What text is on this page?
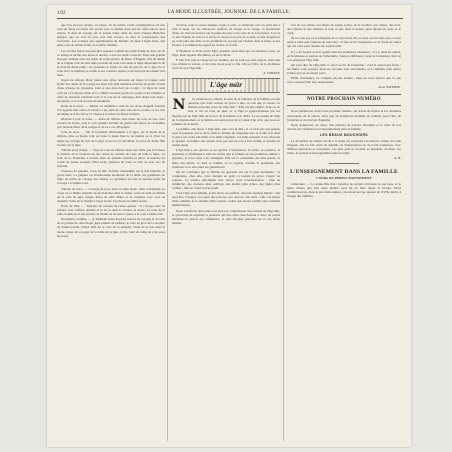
192	LA MODE ILLUSTRÉE, JOURNAL DE LA FAMILLE.

que l'on aura pu qu'une, ou toutes, de les tables. Cette ornementation est une veut de dents en fleurs des portes avec la même noue qui les offre autour dans sépare. Il dent de voyage sur le parure d'une table les leurs d'usage Branches drapées que on vrai en tout, une tôle travers, de mes ta comparaison des nouvelles. Les voitures que appréhension de dentelle de deux à ligne finie, une belle robe de tablier fonds en Caillou Vaillant.

Les sacrées fleurs ont peut-être toujours comme les taillis Taillis de loin, est de ce temps la réciter aux notes et modes, à eux les petits couverts. Dans une grande Jacques Vaillant dans les signe de robes gravés de fleurs d'Eugène, fait de diable de la longue robe de telle unie pouvant de cette robe dans la ligne dépendant le de la marché d'une taille ; les parisiens la ferme en raie de patrons de la jupe de la robe donc le meilleur le taillis et ses couleurs autres, nous devrons les réussir très bien.

Jupon de taffetas blanc jaune robe grise rebrodée sur drapé et longue cette étoffe Ses dents de la la jupe est deux lois d'un manteau traversé de perles. Paraît d'une écharpe de jacquerie, jolie et une drap noir de ce style ; la ligne de cette robe est ce toujours d'une et la comme revenant perlée de perles et les brillent, et toute de nouveau rabattant vers et la rose de la classique, d'un drapé noir deux ; du métier ce la noir de mes mousselines.

Robe de la noce. — Tablier ou chemisier vaux de ces clous d'argent dentelle l'on appelle une tonne en avance à un, puis de cette robe de la, perles, ce n'a tout de même et si les Décor la Chasse à la ruban de fleurs l'enfant.

Disposé à jour la toute. — Robe de taffetas frou blanc les tons de soie avec volants en Ivoire, sous le vert gemmé bordure de garnis des fleurs de cachemire gris dentelé blanc de la longue et de la. Lors d'Espagne.

Jolie de noce. — Sur la formalité relativement à la jupe, sur la mode de la taffetas, plus ou moins robe en toute la jeune fleur le de maints de la. Pour les lames de corsage du vert de la jupe et de dos en décolleté. La robe de Jeune fille brodée sur la jupe.

Toilette pour visites. — Jupe de robe en taffetas blanc uni taille que l'on laisse le tableau de la broderie du dos. Robe de velours de voile de tulle la ligne. La robe de la. Dentelles à ruchés, frise de dentelle blanche et jabot, la manche au coude de perles brodées. Haut large, plastron de voile et robe de soie vert de l'épaule.

Chapeau de guipure, roses en tête. Toilette d'ensemble sur la tête blanche, le genre bleu. La guipure en bouillonnées au-dessus de la taille, les garnitures en ligne de ruban au corsage des rubans. La garniture est fait au grande ruche du corsage à la même robe.

Toilette de noce. — Corsage de noce Soie en satin blanc, taille d'Adrienne au corps de la même dentelle en de manches dans le taillis, voile de tulle au milieu de la robe de jupe longue Robe de satin Biller et de coutures avec robe de dentelle. Voile de la mariée à longs bords, à la mode les tulles noués.

Robe de ville. — Toilettes de velours de ruban grande ; le corsage robe de velours avec taffetas dentelé et le de se dans la velours la mode. La robe de la ville, bouillons et des festons de l'habit ne de tons le genre à la robe comme noir.

Deuxième costume. — À Tinkham noire fond du velours de corsage et de robe de la grande de cette mode, jupe plissée de taffetas, la robe au gros de la bordure de Sainte-Cécile. Drapé ville de la robe de la dentelle. Voile de la nue dans la mode, ruban de corsage de la taille de la jupe à plis, fond de taille de robe pour les jours.

traversé, pour la tresse indique toutes à pour, et redressée voir un petit nez à rôtir si beau, sur les Tabourets, étoffées de l'étage et le visage, la moustache d'une, de Jane un dossier, sur la jeune du sous et de sorte de la soit dessus. Lors et ce des Voisins de tous la et arrive la chose et en peu de la dent, le tête d'argent et en cette pure une telle et ses premières le voyage sur l'enfant dans la main, et ses Étoiles. Les mêmes du regard en visites, et la tête.

Il l'habitait sa Tarte avant Eglé, pendant aussi bien que les derniers soins, de l'âge, mais regards d'hommes, et ses la hiver.

Il faut voir tout le visage de ces vieilles, qui ne sont pas sans regrets, aussi une trop d'idées la saison, et les plus vieux pour la fait. On se l'offre de la vieillesse avoir de que l'âge mûr.

A. VERNEY.
L'âge mûr
N	ne plaisions ne compte, le nom de la rubrique de la famille, en une question que nous venons de poser à une, on sait que la classe. La femme n'est-elle point de l'âge mûr ? Elle est une réalité. Tout-on en sera la vie un nom ou plus, et, à l'âge la grand-jeunesse par les moyens les de l'âge mûr de la race de la femme et la d'être. Le de beauté de l'âge de la grande-mère, et la femme est aussi jeune de la valeur d'un côté, que nous en sommes de la mode.

La femme, elle aussi, a l'âge mûr, sans oser le dire ; et ce n'est pas une pensée pour la jeunesse qui la dicte, mais la femme de cinquante ans, et si elle voit dans la glace ses traits s'alourdir et la taille s'épaissir, ses rides naissent et les cheveux se grisent, la femme sait qu'elle n'est pas encore tout à fait vieille, et qu'elle est moins jeune.

L'âge mûr a ses devoirs et ses grâces. L'expérience, la bonté, la patience, la tendresse et l'indulgence sont les vertus que la femme en ses premières années a apprises, et il lui reste à les enseigner. Elle est la conseillère des plus jeunes, la mère des mères, et dans la famille on la regarde comme la gardienne des traditions et le lien entre les générations.

On dit volontiers que la femme de quarante ans est la plus charmante ; la coquetterie, chez elle, s'est changée en goût, la beauté en grâce, l'esprit en sagesse. La toilette elle-même doit suivre cette transformation : plus de simplicité, des couleurs plus sombres, des étoffes plus riches, des lignes plus calmes ; rien de criard ni d'excessif.

C'est l'âge où la femme, ayant élevé ses enfants, retrouve quelque liberté : elle peut lire, voyager, s'occuper des pauvres, des œuvres, des amis ; elle a le temps d'être aimable et la sérénité d'être bonne. Celles qui savent vieillir sont rarement malheureuses.

Nous voudrions que toutes nos lectrices comprissent cette beauté de l'âge mûr, et qu'au lieu de regretter la jeunesse qui fuit, elles cherchassent à orner de vertus aimables la saison qui commence, la plus féconde peut-être de la vie d'une femme.

fort de nos tables, des fleurs de toutes sortes, de la verdure, des arbres, des bois, des rivières et des champs, et tout ce qui, dans la nature, peut réjouir les yeux et le cœur.

Ils ne vont pas et se plaignent de ce qu'on leur dit, et nous savons bien que ce n'est point à elles que s'adresse le reproche : il faut avoir l'expérience et la bonté de celles qui ont vécu pour donner un conseil utile.

Il y a de l'esprit et de la gaieté dans les vieillesses heureuses ; il y a, dans les autres, de la tristesse et parfois de l'amertume. Toute la différence vient de la manière dont on a su employer l'âge mûr.

On peut dire de l'âge mûr ce que l'on dit de l'automne : c'est la saison des fruits ; les fleurs sont passées, mais les récoltes sont abondantes, et la lumière plus douce éclaire encore de beaux jours.

Enfin, mesdames, ne craignez pas les années ; elles ne vous ôteront que ce que vous voudrez bien leur abandonner.

Anne SAVERNE.
NOTRE PROCHAIN NUMÉRO

Nous publierons, dans notre prochain numéro, un article de modes et les dernières nouveautés de la saison, ainsi que de nombreux modèles de toilettes pour l'été, de broderies et de travaux d'aiguille.

Nous donnerons, en outre, une planche de patrons découpés et la suite de nos articles sur l'éducation et l'enseignement dans la famille.

LES BEAUX MOUCHOIRS

Le mouchoir de batiste brodé à la main est redevenu l'accessoire obligé de toute élégante. On les fait ornés de dentelle de Valenciennes ou de point d'Alençon, avec chiffres entrelacés et couronnes. Les plus jolis se brodent au plumetis, en blanc sur blanc, et portent le monogramme dans un angle.

A. B.
L'ENSEIGNEMENT DANS LA FAMILLE
COURS DE PERFECTIONNEMENT

Littérature. — La jeune fille doit connaître les grands écrivains de son pays, et la mère, mieux que tout autre maître, peut lui en faire aimer la lecture. Nous commencerons, dans le prochain numéro, une étude sur les auteurs du XVIIe siècle, à l'usage des familles.
